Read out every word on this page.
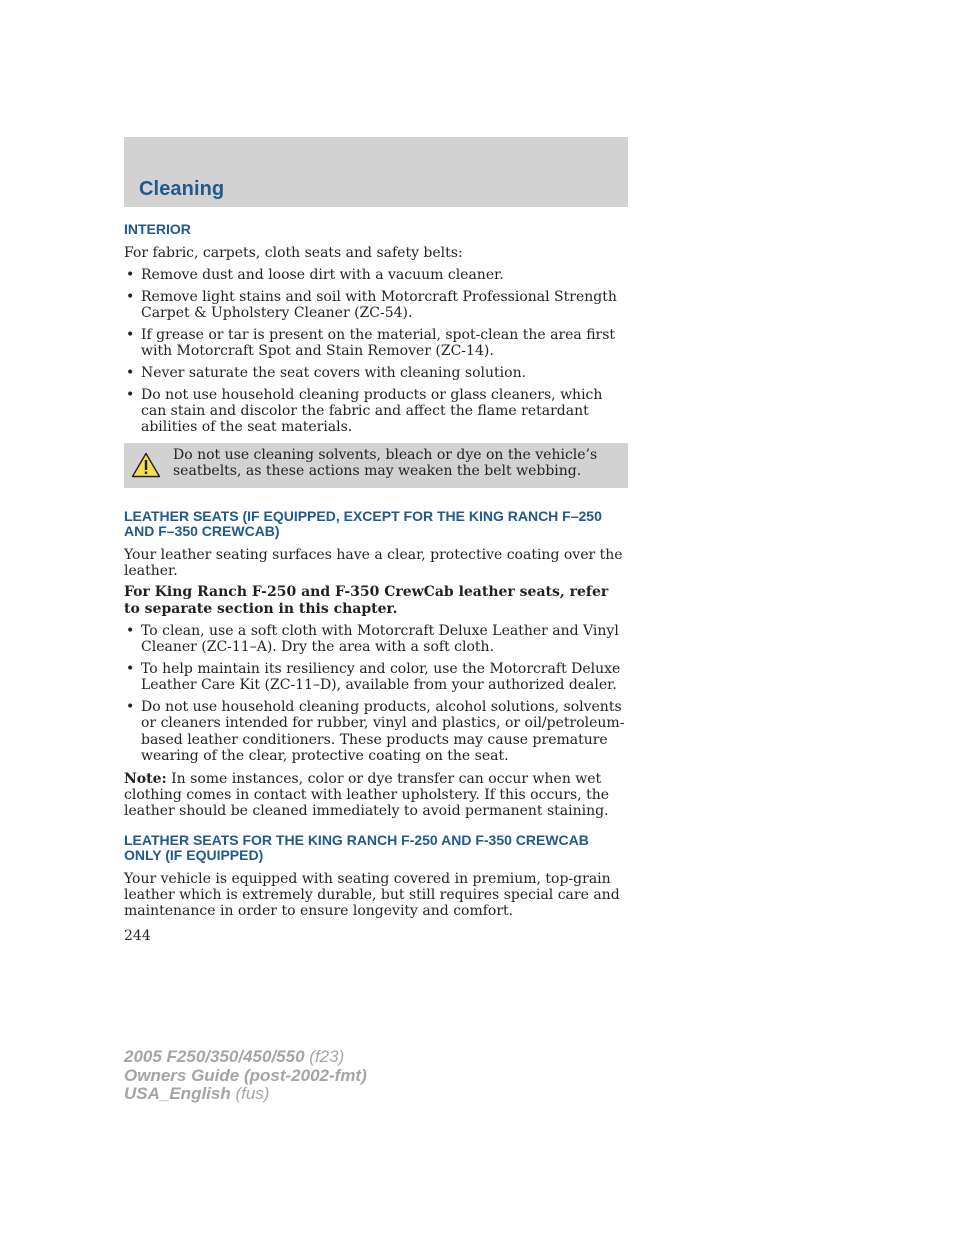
Cleaning
INTERIOR

For fabric, carpets, cloth seats and safety belts:

• Remove dust and loose dirt with a vacuum cleaner.
• Remove light stains and soil with Motorcraft Professional Strength Carpet & Upholstery Cleaner (ZC-54).
• If grease or tar is present on the material, spot-clean the area first with Motorcraft Spot and Stain Remover (ZC-14).
• Never saturate the seat covers with cleaning solution.
• Do not use household cleaning products or glass cleaners, which can stain and discolor the fabric and affect the flame retardant abilities of the seat materials.

Do not use cleaning solvents, bleach or dye on the vehicle’s seatbelts, as these actions may weaken the belt webbing.

LEATHER SEATS (IF EQUIPPED, EXCEPT FOR THE KING RANCH F–250 AND F–350 CREWCAB)

Your leather seating surfaces have a clear, protective coating over the leather.

For King Ranch F-250 and F-350 CrewCab leather seats, refer to separate section in this chapter.

• To clean, use a soft cloth with Motorcraft Deluxe Leather and Vinyl Cleaner (ZC-11–A). Dry the area with a soft cloth.
• To help maintain its resiliency and color, use the Motorcraft Deluxe Leather Care Kit (ZC-11–D), available from your authorized dealer.
• Do not use household cleaning products, alcohol solutions, solvents or cleaners intended for rubber, vinyl and plastics, or oil/petroleum-based leather conditioners. These products may cause premature wearing of the clear, protective coating on the seat.

Note: In some instances, color or dye transfer can occur when wet clothing comes in contact with leather upholstery. If this occurs, the leather should be cleaned immediately to avoid permanent staining.

LEATHER SEATS FOR THE KING RANCH F-250 AND F-350 CREWCAB ONLY (IF EQUIPPED)

Your vehicle is equipped with seating covered in premium, top-grain leather which is extremely durable, but still requires special care and maintenance in order to ensure longevity and comfort.

244

2005 F250/350/450/550 (f23)
Owners Guide (post-2002-fmt)
USA_English (fus)
